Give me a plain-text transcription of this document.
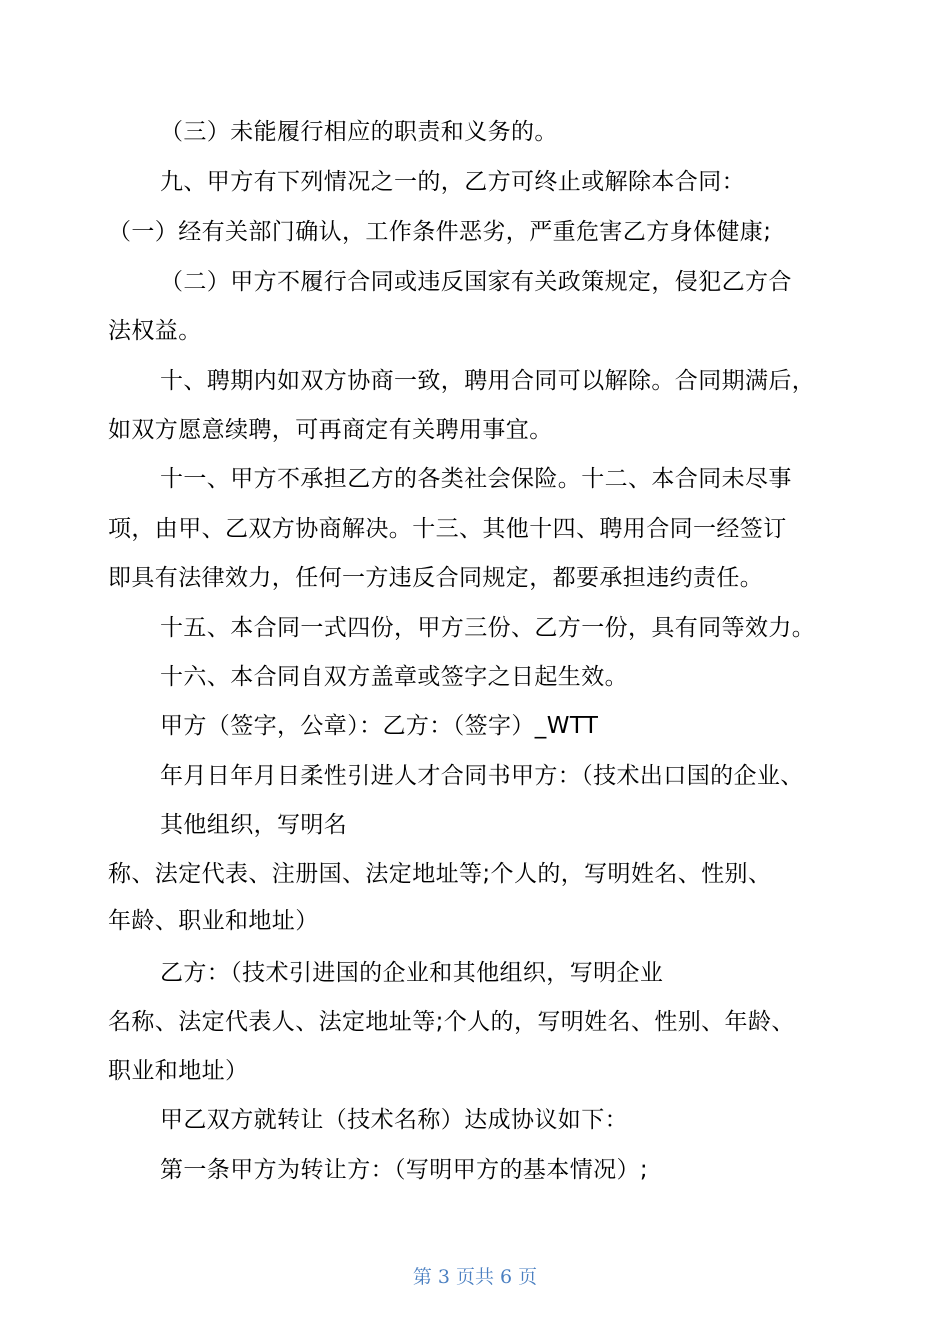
（三）未能履行相应的职责和义务的。
九、甲方有下列情况之一的，乙方可终止或解除本合同：
（一）经有关部门确认，工作条件恶劣，严重危害乙方身体健康;
（二）甲方不履行合同或违反国家有关政策规定，侵犯乙方合
法权益。
十、聘期内如双方协商一致，聘用合同可以解除。合同期满后，
如双方愿意续聘，可再商定有关聘用事宜。
十一、甲方不承担乙方的各类社会保险。十二、本合同未尽事
项，由甲、乙双方协商解决。十三、其他十四、聘用合同一经签订
即具有法律效力，任何一方违反合同规定，都要承担违约责任。
十五、本合同一式四份，甲方三份、乙方一份，具有同等效力。
十六、本合同自双方盖章或签字之日起生效。
甲方（签字，公章）：乙方：（签字）_WTT
年月日年月日柔性引进人才合同书甲方：（技术出口国的企业、
其他组织，写明名
称、法定代表、注册国、法定地址等;个人的，写明姓名、性别、
年龄、职业和地址）
乙方：（技术引进国的企业和其他组织，写明企业
名称、法定代表人、法定地址等;个人的，写明姓名、性别、年龄、
职业和地址）
甲乙双方就转让（技术名称）达成协议如下：
第一条甲方为转让方：（写明甲方的基本情况）;
第 3 页共 6 页
